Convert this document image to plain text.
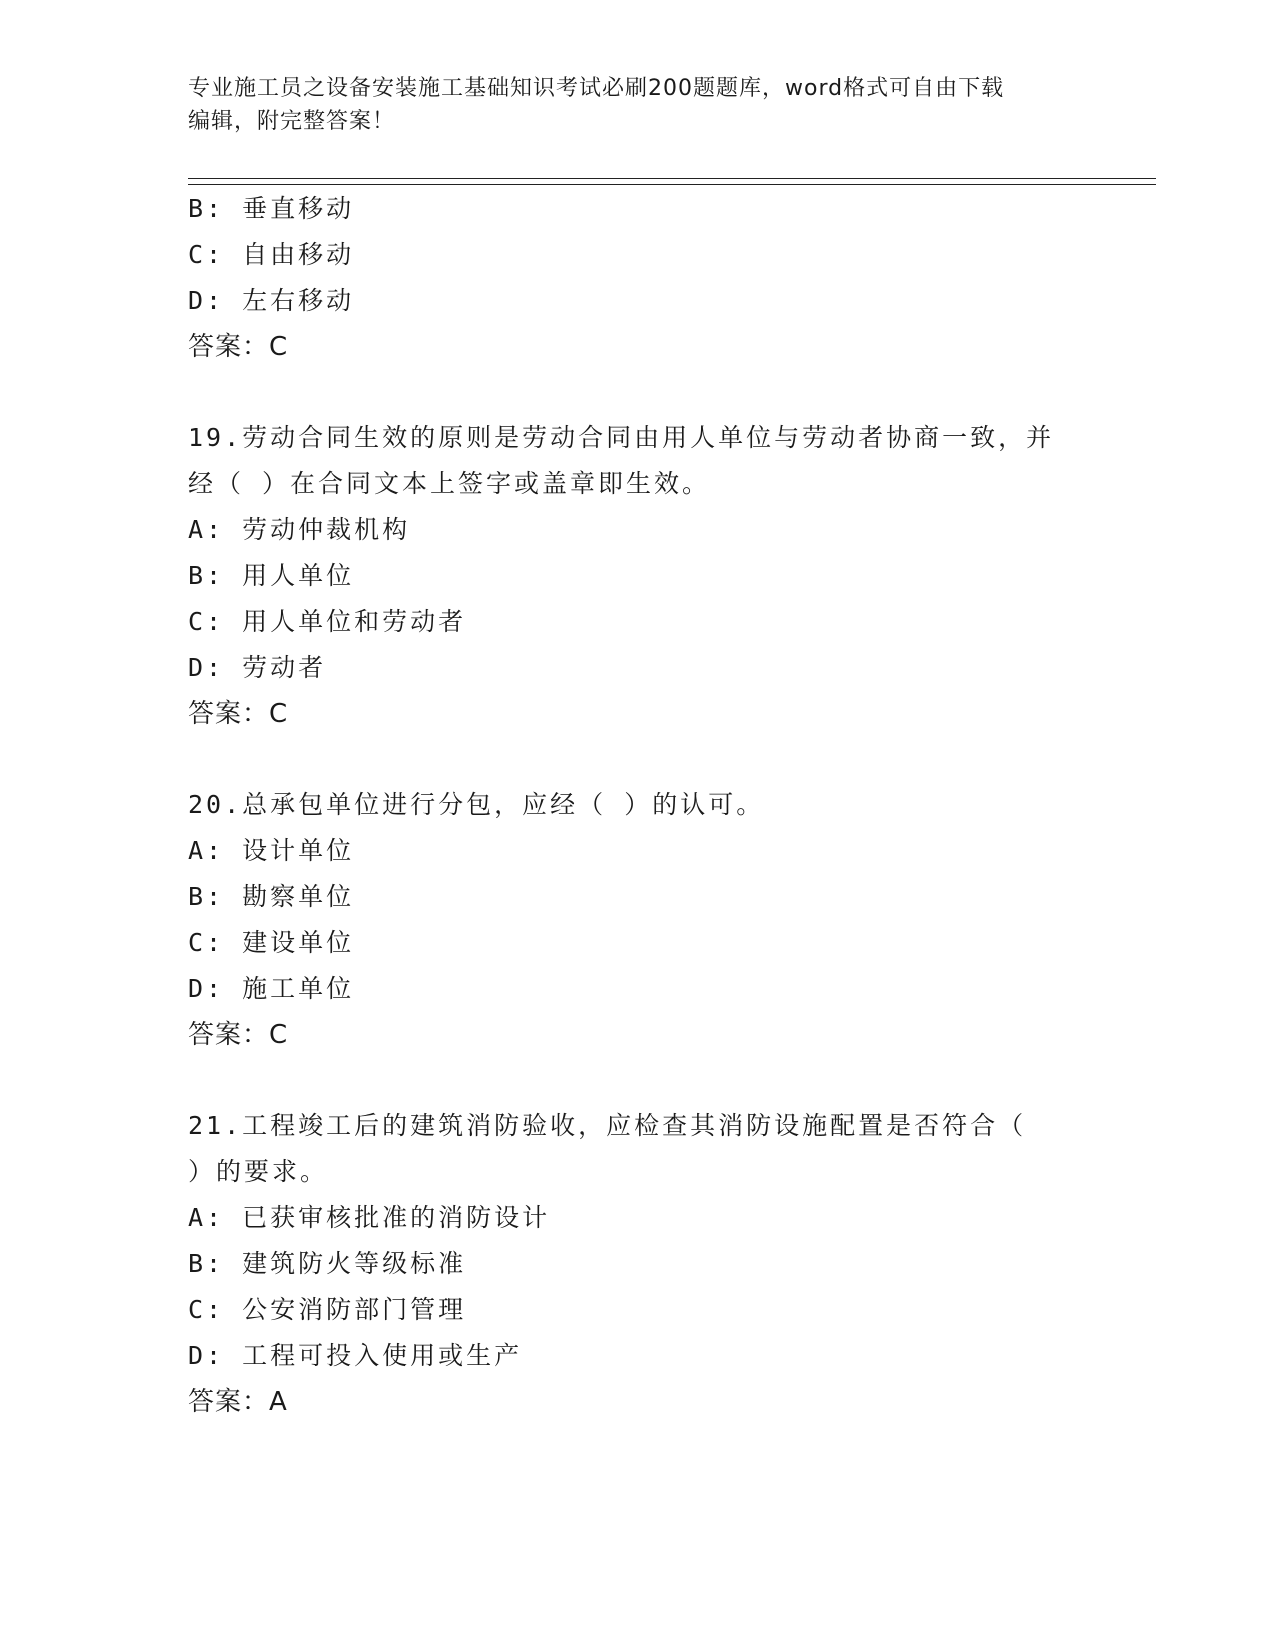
专业施工员之设备安装施工基础知识考试必刷200题题库，word格式可自由下载
编辑，附完整答案！
B: 垂直移动
C: 自由移动
D: 左右移动
答案：C
19.劳动合同生效的原则是劳动合同由用人单位与劳动者协商一致，并
经（ ）在合同文本上签字或盖章即生效。
A: 劳动仲裁机构
B: 用人单位
C: 用人单位和劳动者
D: 劳动者
答案：C
20.总承包单位进行分包，应经（ ）的认可。
A: 设计单位
B: 勘察单位
C: 建设单位
D: 施工单位
答案：C
21.工程竣工后的建筑消防验收，应检查其消防设施配置是否符合（
）的要求。
A: 已获审核批准的消防设计
B: 建筑防火等级标准
C: 公安消防部门管理
D: 工程可投入使用或生产
答案：A
